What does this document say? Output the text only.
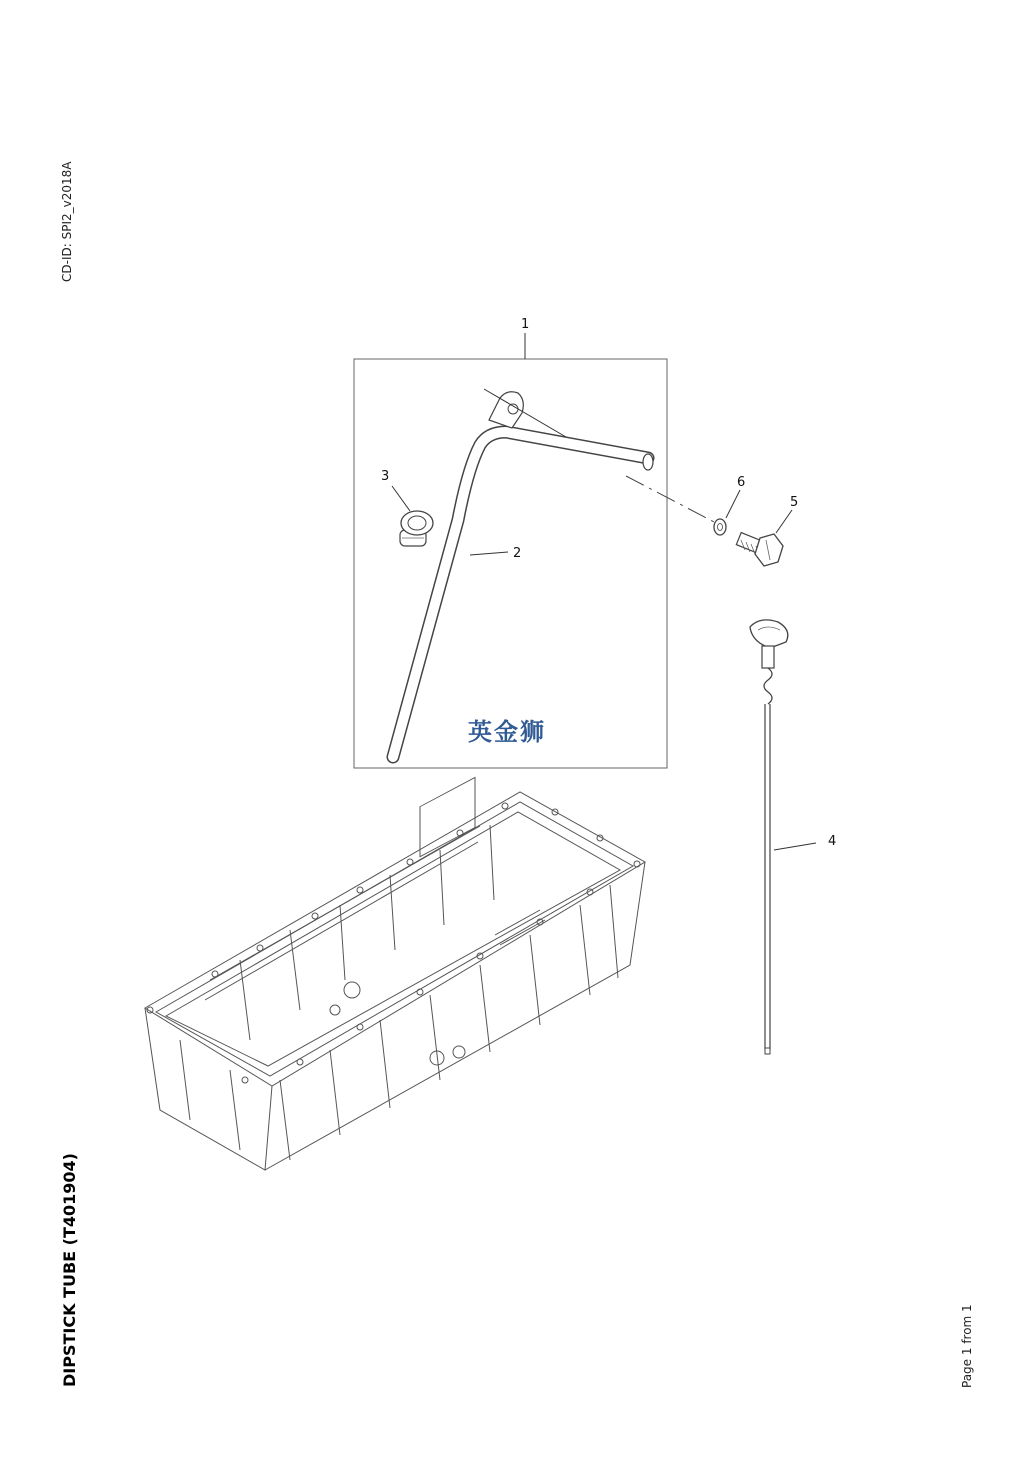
CD-ID: SPI2_v2018A
DIPSTICK TUBE (T401904)	Page 1 from 1
1
2
3	6
5
4
英金狮
